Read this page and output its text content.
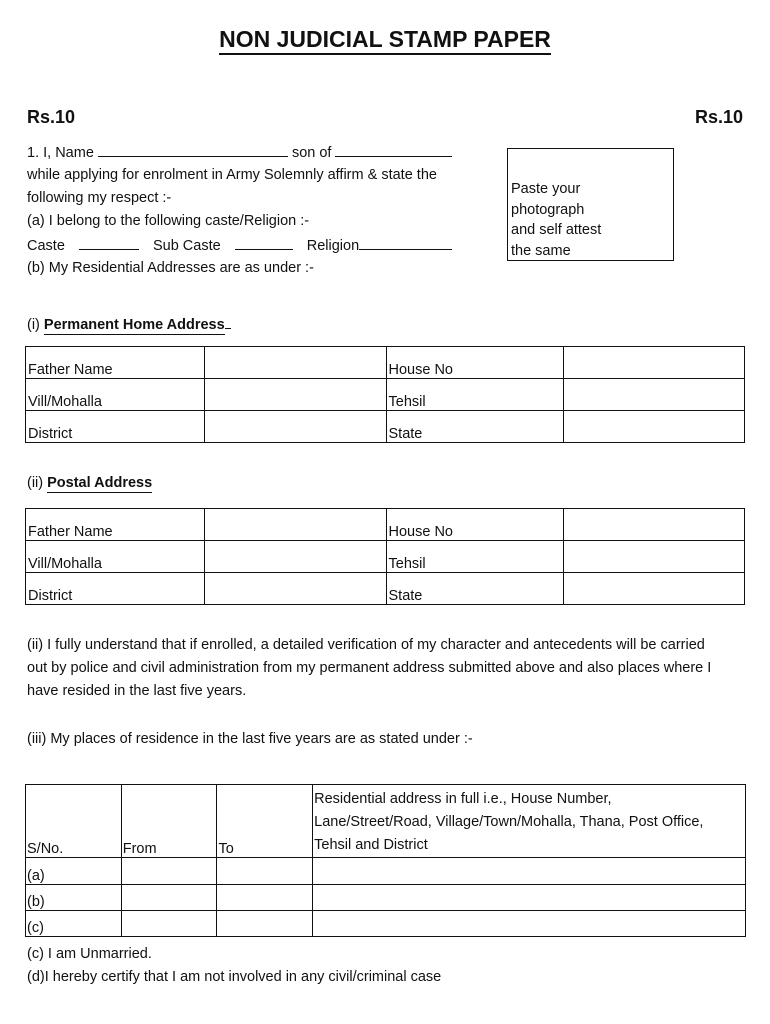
NON JUDICIAL STAMP PAPER
Rs.10	Rs.10
1. I, Name	son of
while applying for enrolment in Army Solemnly affirm & state the
following my respect :-
(a) I belong to the following caste/Religion :-
Caste	Sub Caste	Religion
(b) My Residential Addresses are as under :-
Paste your
photograph
and self attest
the same
(i) Permanent Home Address
Father Name		House No	
Vill/Mohalla		Tehsil	
District		State	
(ii) Postal Address
Father Name		House No	
Vill/Mohalla		Tehsil	
District		State	
(ii) I fully understand that if enrolled, a detailed verification of my character and antecedents will be carried
out by police and civil administration from my permanent address submitted above and also places where I
have resided in the last five years.
(iii) My places of residence in the last five years are as stated under :-
S/No.	From	To	Residential address in full i.e., House Number,
Lane/Street/Road, Village/Town/Mohalla, Thana, Post Office,
Tehsil and District

(a)			
(b)			
(c)			
(c) I am Unmarried.
(d)I hereby certify that I am not involved in any civil/criminal case
